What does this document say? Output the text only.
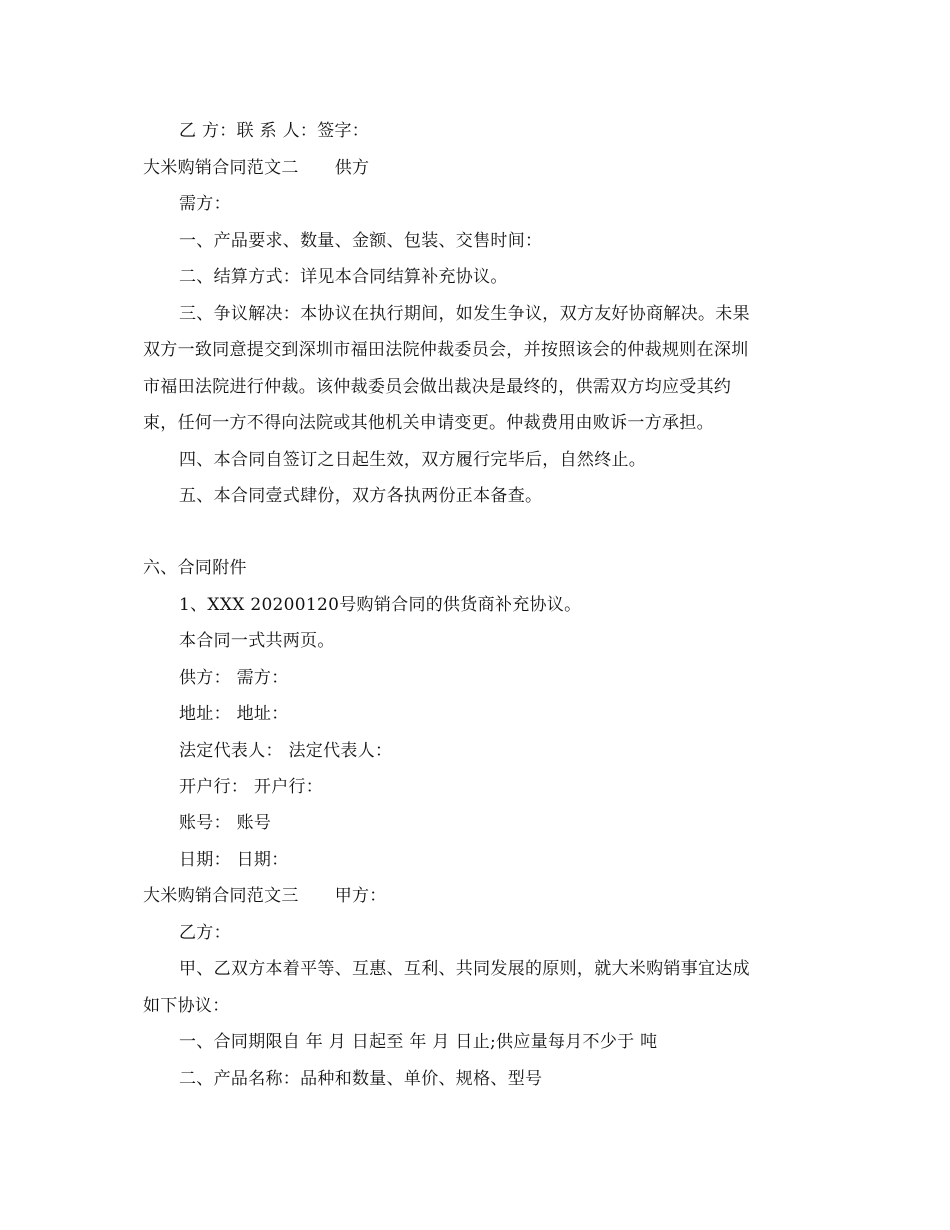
乙 方：联 系 人：签字：
大米购销合同范文二 供方
需方：
一、产品要求、数量、金额、包装、交售时间：
二、结算方式：详见本合同结算补充协议。
三、争议解决：本协议在执行期间，如发生争议，双方友好协商解决。未果
双方一致同意提交到深圳市福田法院仲裁委员会，并按照该会的仲裁规则在深圳
市福田法院进行仲裁。该仲裁委员会做出裁决是最终的，供需双方均应受其约
束，任何一方不得向法院或其他机关申请变更。仲裁费用由败诉一方承担。
四、本合同自签订之日起生效，双方履行完毕后，自然终止。
五、本合同壹式肆份，双方各执两份正本备查。
六、合同附件
1、XXX 20200120号购销合同的供货商补充协议。
本合同一式共两页。
供方： 需方：
地址： 地址：
法定代表人： 法定代表人：
开户行： 开户行：
账号： 账号
日期： 日期：
大米购销合同范文三 甲方：
乙方：
甲、乙双方本着平等、互惠、互利、共同发展的原则，就大米购销事宜达成
如下协议：
一、合同期限自 年 月 日起至 年 月 日止;供应量每月不少于 吨
二、产品名称：品种和数量、单价、规格、型号
